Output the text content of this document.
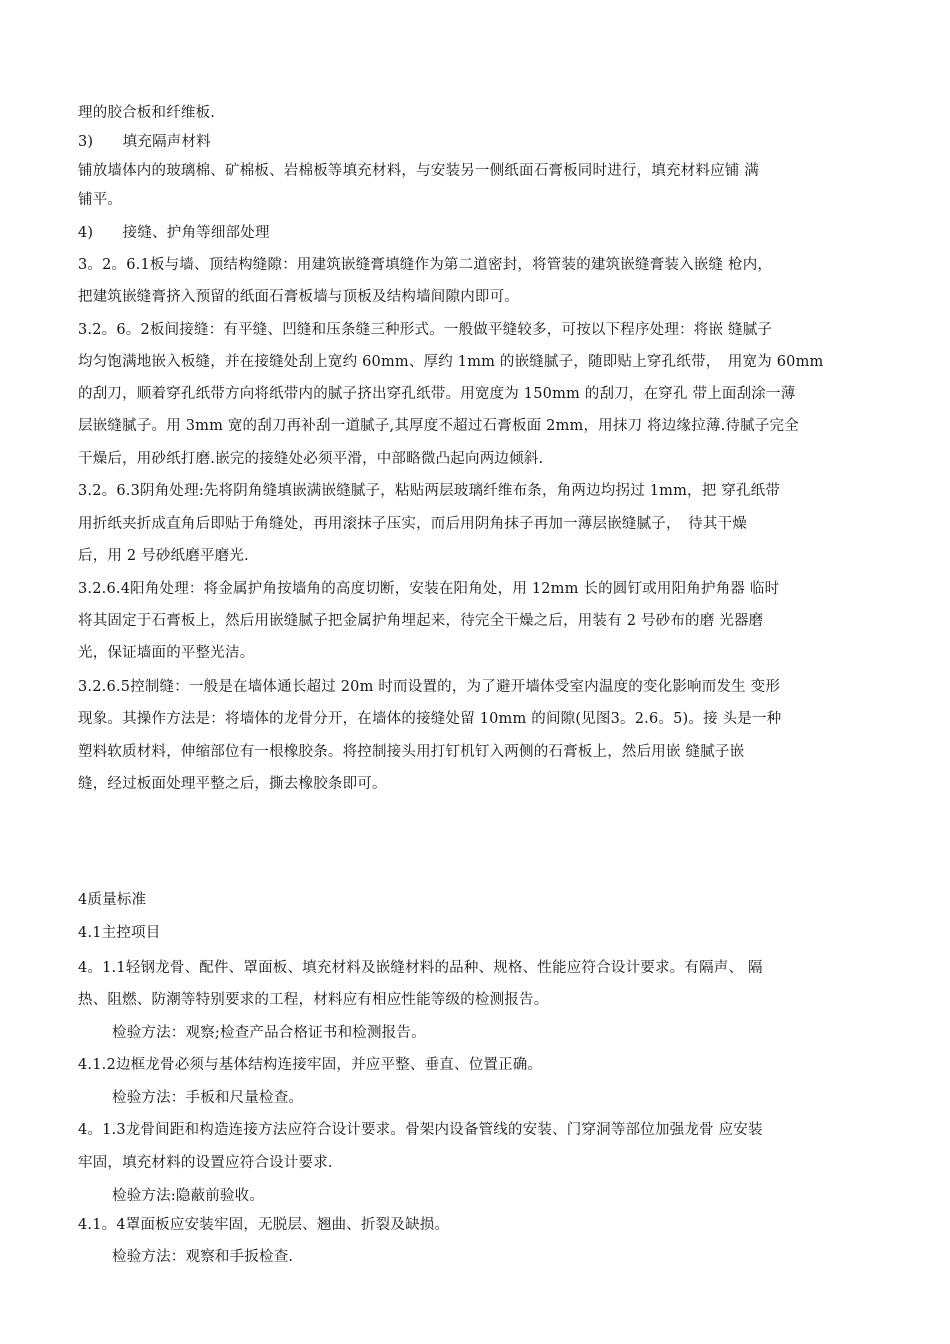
理的胶合板和纤维板.
3)　　填充隔声材料
铺放墙体内的玻璃棉、矿棉板、岩棉板等填充材料，与安装另一侧纸面石膏板同时进行，填充材料应铺 满
铺平。
4)　　接缝、护角等细部处理
3。2。6.1板与墙、顶结构缝隙：用建筑嵌缝膏填缝作为第二道密封，将管装的建筑嵌缝膏装入嵌缝 枪内，
把建筑嵌缝膏挤入预留的纸面石膏板墙与顶板及结构墙间隙内即可。
3.2。6。2板间接缝：有平缝、凹缝和压条缝三种形式。一般做平缝较多，可按以下程序处理：将嵌 缝腻子
均匀饱满地嵌入板缝，并在接缝处刮上宽约 60mm、厚约 1mm 的嵌缝腻子，随即贴上穿孔纸带，　用宽为 60mm
的刮刀，顺着穿孔纸带方向将纸带内的腻子挤出穿孔纸带。用宽度为 150mm 的刮刀，在穿孔 带上面刮涂一薄
层嵌缝腻子。用 3mm 宽的刮刀再补刮一道腻子,其厚度不超过石膏板面 2mm，用抹刀 将边缘拉薄.待腻子完全
干燥后，用砂纸打磨.嵌完的接缝处必须平滑，中部略微凸起向两边倾斜.
3.2。6.3阴角处理:先将阴角缝填嵌满嵌缝腻子，粘贴两层玻璃纤维布条，角两边均拐过 1mm，把 穿孔纸带
用折纸夹折成直角后即贴于角缝处，再用滚抹子压实，而后用阴角抹子再加一薄层嵌缝腻子，　待其干燥
后，用 2 号砂纸磨平磨光.
3.2.6.4阳角处理：将金属护角按墙角的高度切断，安装在阳角处，用 12mm 长的圆钉或用阳角护角器 临时
将其固定于石膏板上，然后用嵌缝腻子把金属护角埋起来，待完全干燥之后，用装有 2 号砂布的磨 光器磨
光，保证墙面的平整光洁。
3.2.6.5控制缝：一般是在墙体通长超过 20m 时而设置的，为了避开墙体受室内温度的变化影响而发生 变形
现象。其操作方法是：将墙体的龙骨分开，在墙体的接缝处留 10mm 的间隙(见图3。2.6。5)。接 头是一种
塑料软质材料，伸缩部位有一根橡胶条。将控制接头用打钉机钉入两侧的石膏板上，然后用嵌 缝腻子嵌
缝，经过板面处理平整之后，撕去橡胶条即可。
4质量标准
4.1主控项目
4。1.1轻钢龙骨、配件、罩面板、填充材料及嵌缝材料的品种、规格、性能应符合设计要求。有隔声、 隔
热、阻燃、防潮等特别要求的工程，材料应有相应性能等级的检测报告。
检验方法：观察;检查产品合格证书和检测报告。
4.1.2边框龙骨必须与基体结构连接牢固，并应平整、垂直、位置正确。
检验方法：手板和尺量检查。
4。1.3龙骨间距和构造连接方法应符合设计要求。骨架内设备管线的安装、门穿洞等部位加强龙骨 应安装
牢固，填充材料的设置应符合设计要求.
检验方法:隐蔽前验收。
4.1。4罩面板应安装牢固，无脱层、翘曲、折裂及缺损。
检验方法：观察和手扳检查.
